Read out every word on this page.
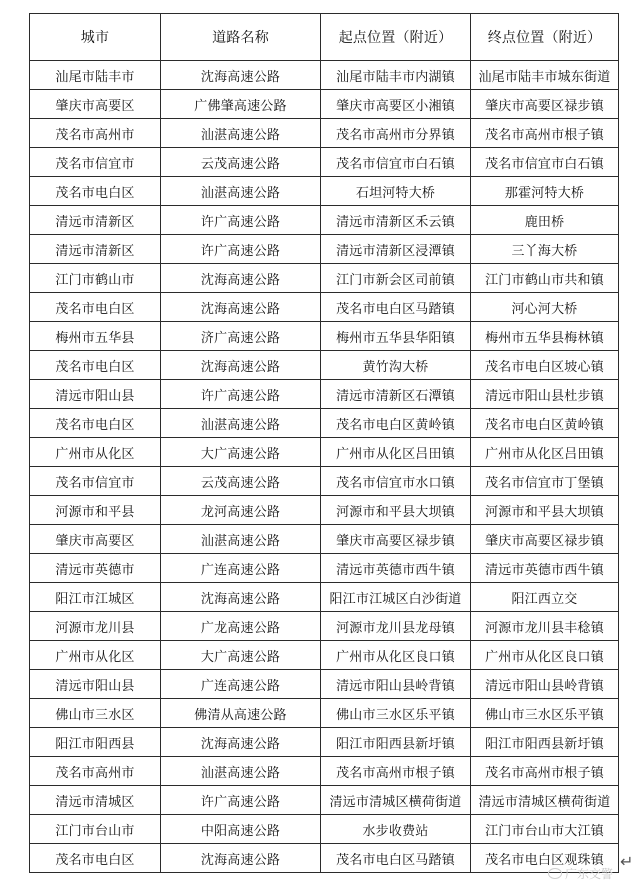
城市	道路名称	起点位置（附近）	终点位置（附近）
汕尾市陆丰市	沈海高速公路	汕尾市陆丰市内湖镇	汕尾市陆丰市城东街道
肇庆市高要区	广佛肇高速公路	肇庆市高要区小湘镇	肇庆市高要区禄步镇
茂名市高州市	汕湛高速公路	茂名市高州市分界镇	茂名市高州市根子镇
茂名市信宜市	云茂高速公路	茂名市信宜市白石镇	茂名市信宜市白石镇
茂名市电白区	汕湛高速公路	石坦河特大桥	那霍河特大桥
清远市清新区	许广高速公路	清远市清新区禾云镇	鹿田桥
清远市清新区	许广高速公路	清远市清新区浸潭镇	三丫海大桥
江门市鹤山市	沈海高速公路	江门市新会区司前镇	江门市鹤山市共和镇
茂名市电白区	沈海高速公路	茂名市电白区马踏镇	河心河大桥
梅州市五华县	济广高速公路	梅州市五华县华阳镇	梅州市五华县梅林镇
茂名市电白区	沈海高速公路	黄竹沟大桥	茂名市电白区坡心镇
清远市阳山县	许广高速公路	清远市清新区石潭镇	清远市阳山县杜步镇
茂名市电白区	汕湛高速公路	茂名市电白区黄岭镇	茂名市电白区黄岭镇
广州市从化区	大广高速公路	广州市从化区吕田镇	广州市从化区吕田镇
茂名市信宜市	云茂高速公路	茂名市信宜市水口镇	茂名市信宜市丁堡镇
河源市和平县	龙河高速公路	河源市和平县大坝镇	河源市和平县大坝镇
肇庆市高要区	汕湛高速公路	肇庆市高要区禄步镇	肇庆市高要区禄步镇
清远市英德市	广连高速公路	清远市英德市西牛镇	清远市英德市西牛镇
阳江市江城区	沈海高速公路	阳江市江城区白沙街道	阳江西立交
河源市龙川县	广龙高速公路	河源市龙川县龙母镇	河源市龙川县丰稔镇
广州市从化区	大广高速公路	广州市从化区良口镇	广州市从化区良口镇
清远市阳山县	广连高速公路	清远市阳山县岭背镇	清远市阳山县岭背镇
佛山市三水区	佛清从高速公路	佛山市三水区乐平镇	佛山市三水区乐平镇
阳江市阳西县	沈海高速公路	阳江市阳西县新圩镇	阳江市阳西县新圩镇
茂名市高州市	汕湛高速公路	茂名市高州市根子镇	茂名市高州市根子镇
清远市清城区	许广高速公路	清远市清城区横荷街道	清远市清城区横荷街道
江门市台山市	中阳高速公路	水步收费站	江门市台山市大江镇
茂名市电白区	沈海高速公路	茂名市电白区马踏镇	茂名市电白区观珠镇 ↵
广东交警
